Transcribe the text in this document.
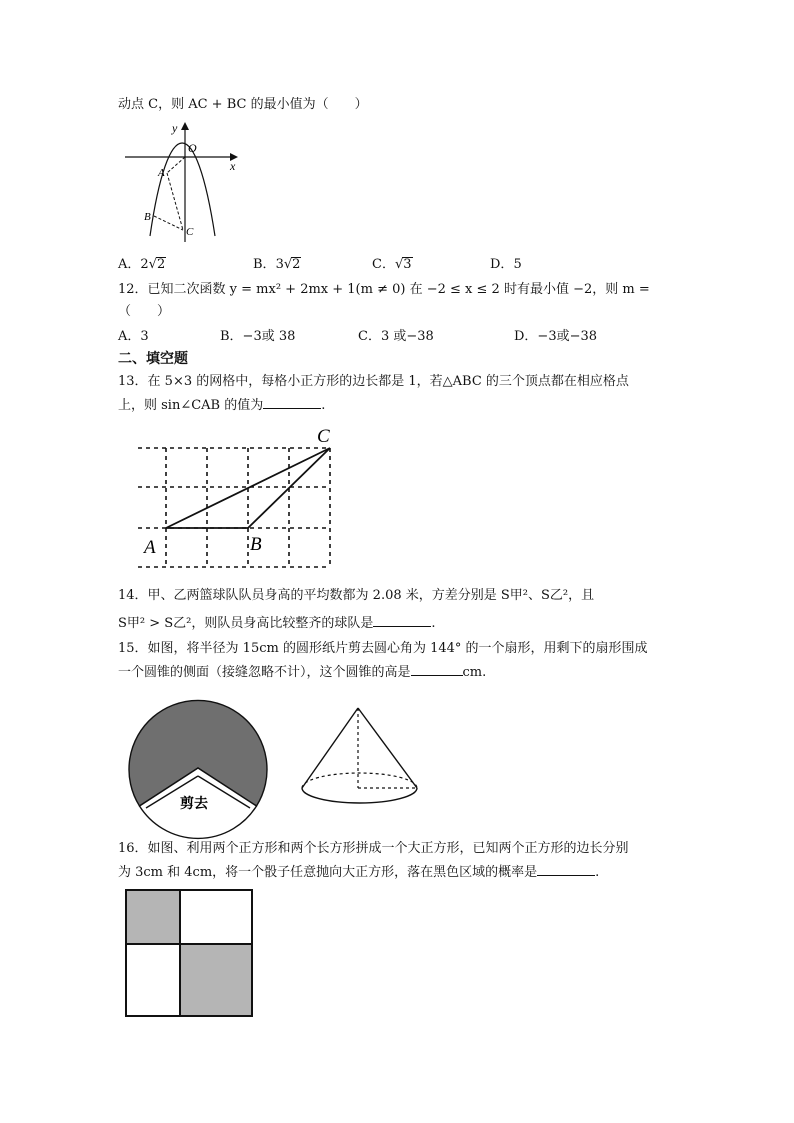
动点 C，则 AC + BC 的最小值为（　　）
y
x
O
A
B
C
A．2√2	B．3√2	C．√3	D．5
12．已知二次函数 y = mx² + 2mx + 1(m ≠ 0) 在 −2 ≤ x ≤ 2 时有最小值 −2，则 m =
（　　）
A．3	B．−3或 38	C．3 或−38	D．−3或−38
二、填空题
13．在 5×3 的网格中，每格小正方形的边长都是 1，若△ABC 的三个顶点都在相应格点
上，则 sin∠CAB 的值为	.
C
A	B
14．甲、乙两篮球队队员身高的平均数都为 2.08 米，方差分别是 S甲²、S乙²，且
S甲² > S乙²，则队员身高比较整齐的球队是	.
15．如图，将半径为 15cm 的圆形纸片剪去圆心角为 144° 的一个扇形，用剩下的扇形围成
一个圆锥的侧面（接缝忽略不计），这个圆锥的高是	cm.
剪去
16．如图、利用两个正方形和两个长方形拼成一个大正方形，已知两个正方形的边长分别
为 3cm 和 4cm，将一个骰子任意抛向大正方形，落在黑色区域的概率是	.
